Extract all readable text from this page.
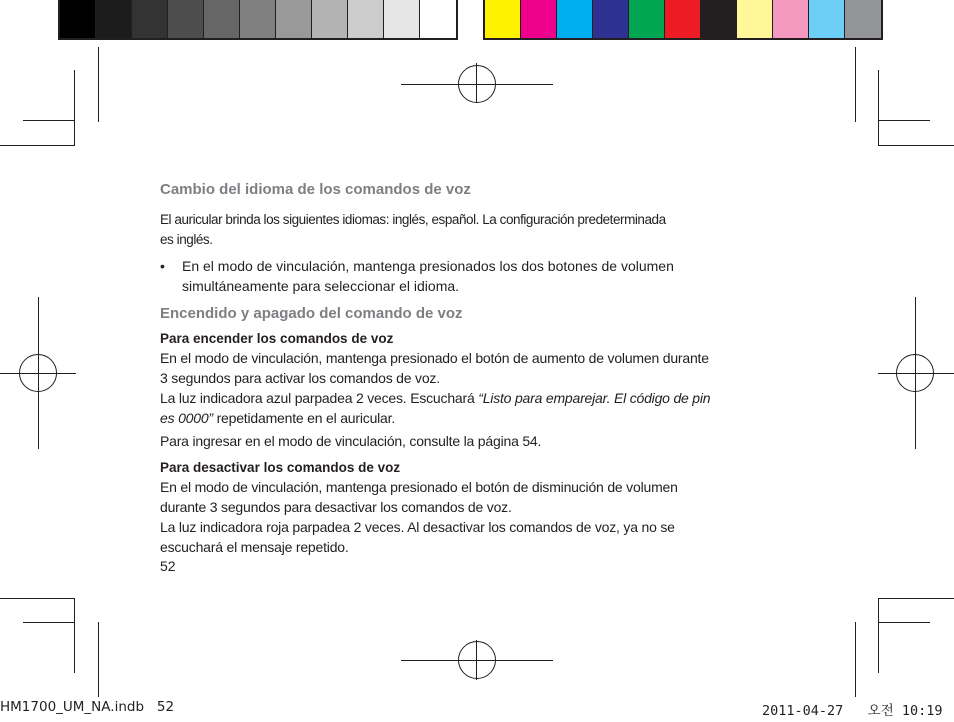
Cambio del idioma de los comandos de voz

El auricular brinda los siguientes idiomas: inglés, español. La configuración predeterminada

es inglés.

•	En el modo de vinculación, mantenga presionados los dos botones de volumen
simultáneamente para seleccionar el idioma.
Encendido y apagado del comando de voz

Para encender los comandos de voz

En el modo de vinculación, mantenga presionado el botón de aumento de volumen durante

3 segundos para activar los comandos de voz.

La luz indicadora azul parpadea 2 veces. Escuchará “Listo para emparejar. El código de pin

es 0000” repetidamente en el auricular.

Para ingresar en el modo de vinculación, consulte la página 54.

Para desactivar los comandos de voz

En el modo de vinculación, mantenga presionado el botón de disminución de volumen

durante 3 segundos para desactivar los comandos de voz.

La luz indicadora roja parpadea 2 veces. Al desactivar los comandos de voz, ya no se

escuchará el mensaje repetido.

52
HM1700_UM_NA.indb   52	2011-04-27   오전 10:19
